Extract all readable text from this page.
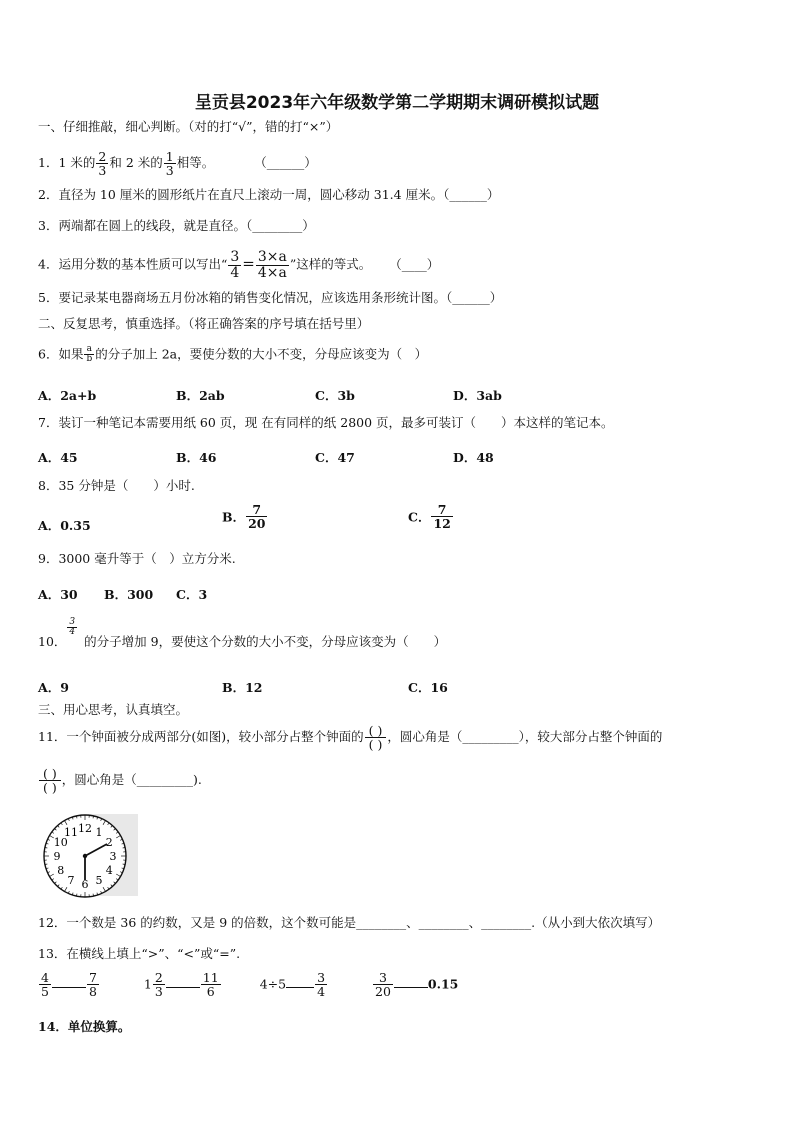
呈贡县2023年六年级数学第二学期期末调研模拟试题
一、仔细推敲，细心判断。（对的打“√”，错的打“×”）
1．1 米的 $\frac{2}{3}$ 和 2 米的 $\frac{1}{3}$ 相等。	（______）
2．直径为 10 厘米的圆形纸片在直尺上滚动一周，圆心移动 31.4 厘米。（______）
3．两端都在圆上的线段，就是直径。（________）
4．运用分数的基本性质可以写出“ $\frac{3}{4} = \frac{3\times a}{4\times a}$ ”这样的等式。 （____）
5．要记录某电器商场五月份冰箱的销售变化情况，应该选用条形统计图。（______）
二、反复思考，慎重选择。（将正确答案的序号填在括号里）
6．如果 $\frac{a}{b}$ 的分子加上 2a，要使分数的大小不变，分母应该变为（　）
A．2a+b	B．2ab	C．3b	D．3ab
7．装订一种笔记本需要用纸 60 页，现 在有同样的纸 2800 页，最多可装订（　　）本这样的笔记本。
A．45	B．46	C．47	D．48
8．35 分钟是（　　）小时.
A．0.35
B． $\frac{7}{20}$	C． $\frac{7}{12}$
9．3000 毫升等于（　）立方分米.
A．30 B．300 C．3
10．
$\frac{3}{4}$
的分子增加 9，要使这个分数的大小不变，分母应该变为（　　）
A．9	B．12	C．16
三、用心思考，认真填空。
11．一个钟面被分成两部分(如图)，较小部分占整个钟面的 $\frac{( )}{( )}$ ，圆心角是（_________），较大部分占整个钟面的
$\frac{( )}{( )}$ ，圆心角是（_________).
12 1
2
3
4
5
6
7
8
9
10
11
12．一个数是 36 的约数，又是 9 的倍数，这个数可能是________、________、________.（从小到大依次填写）
13．在横线上填上“>”、“<”或“=”.
$\frac{4}{5}$	$\frac{7}{8}$	$1 \frac{2}{3}$	$\frac{11}{6}$	$4\div 5 \frac{3}{4}$
	$\frac{3}{20}$	0.15
14．单位换算。
